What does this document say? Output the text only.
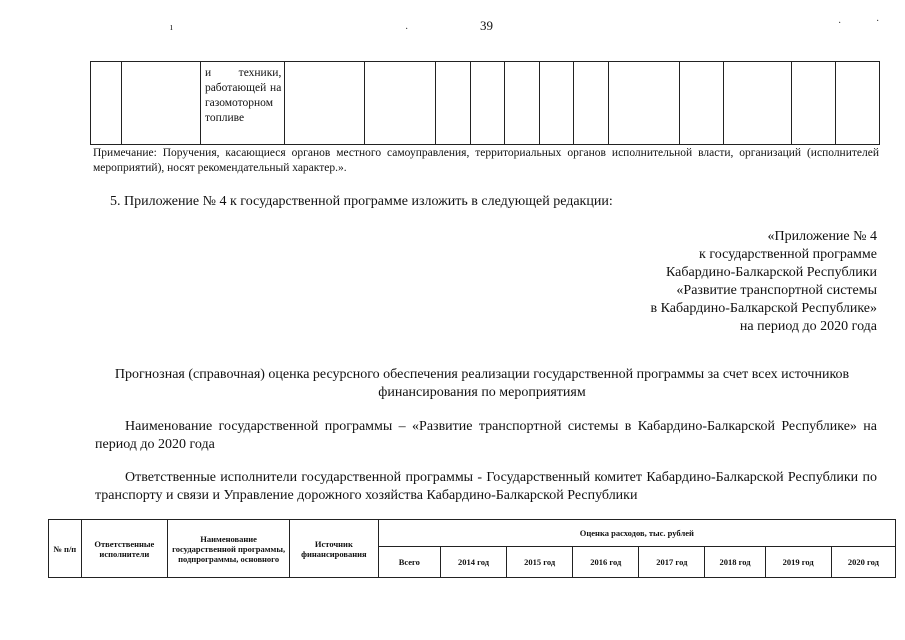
39
ı	·
·	·

и техники, работающей на газомоторном топливе

Примечание: Поручения, касающиеся органов местного самоуправления, территориальных органов исполнительной власти, организаций (исполнителей мероприятий), носят рекомендательный характер.».
5. Приложение № 4 к государственной программе изложить в следующей редакции:
«Приложение № 4
к государственной программе
Кабардино-Балкарской Республики
«Развитие транспортной системы
в Кабардино-Балкарской Республике»
на период до 2020 года
Прогнозная (справочная) оценка ресурсного обеспечения реализации государственной программы за счет всех источников финансирования по мероприятиям
Наименование государственной программы – «Развитие транспортной системы в Кабардино-Балкарской Республике» на период до 2020 года
Ответственные исполнители государственной программы - Государственный комитет Кабардино-Балкарской Республики по транспорту и связи и Управление дорожного хозяйства Кабардино-Балкарской Республики
№ п/п	Ответственные исполнители	Наименование государственной программы, подпрограммы, основного	Источник финансирования	Оценка расходов, тыс. рублей							
				Всего	2014 год	2015 год	2016 год	2017 год	2018 год	2019 год	2020 год
